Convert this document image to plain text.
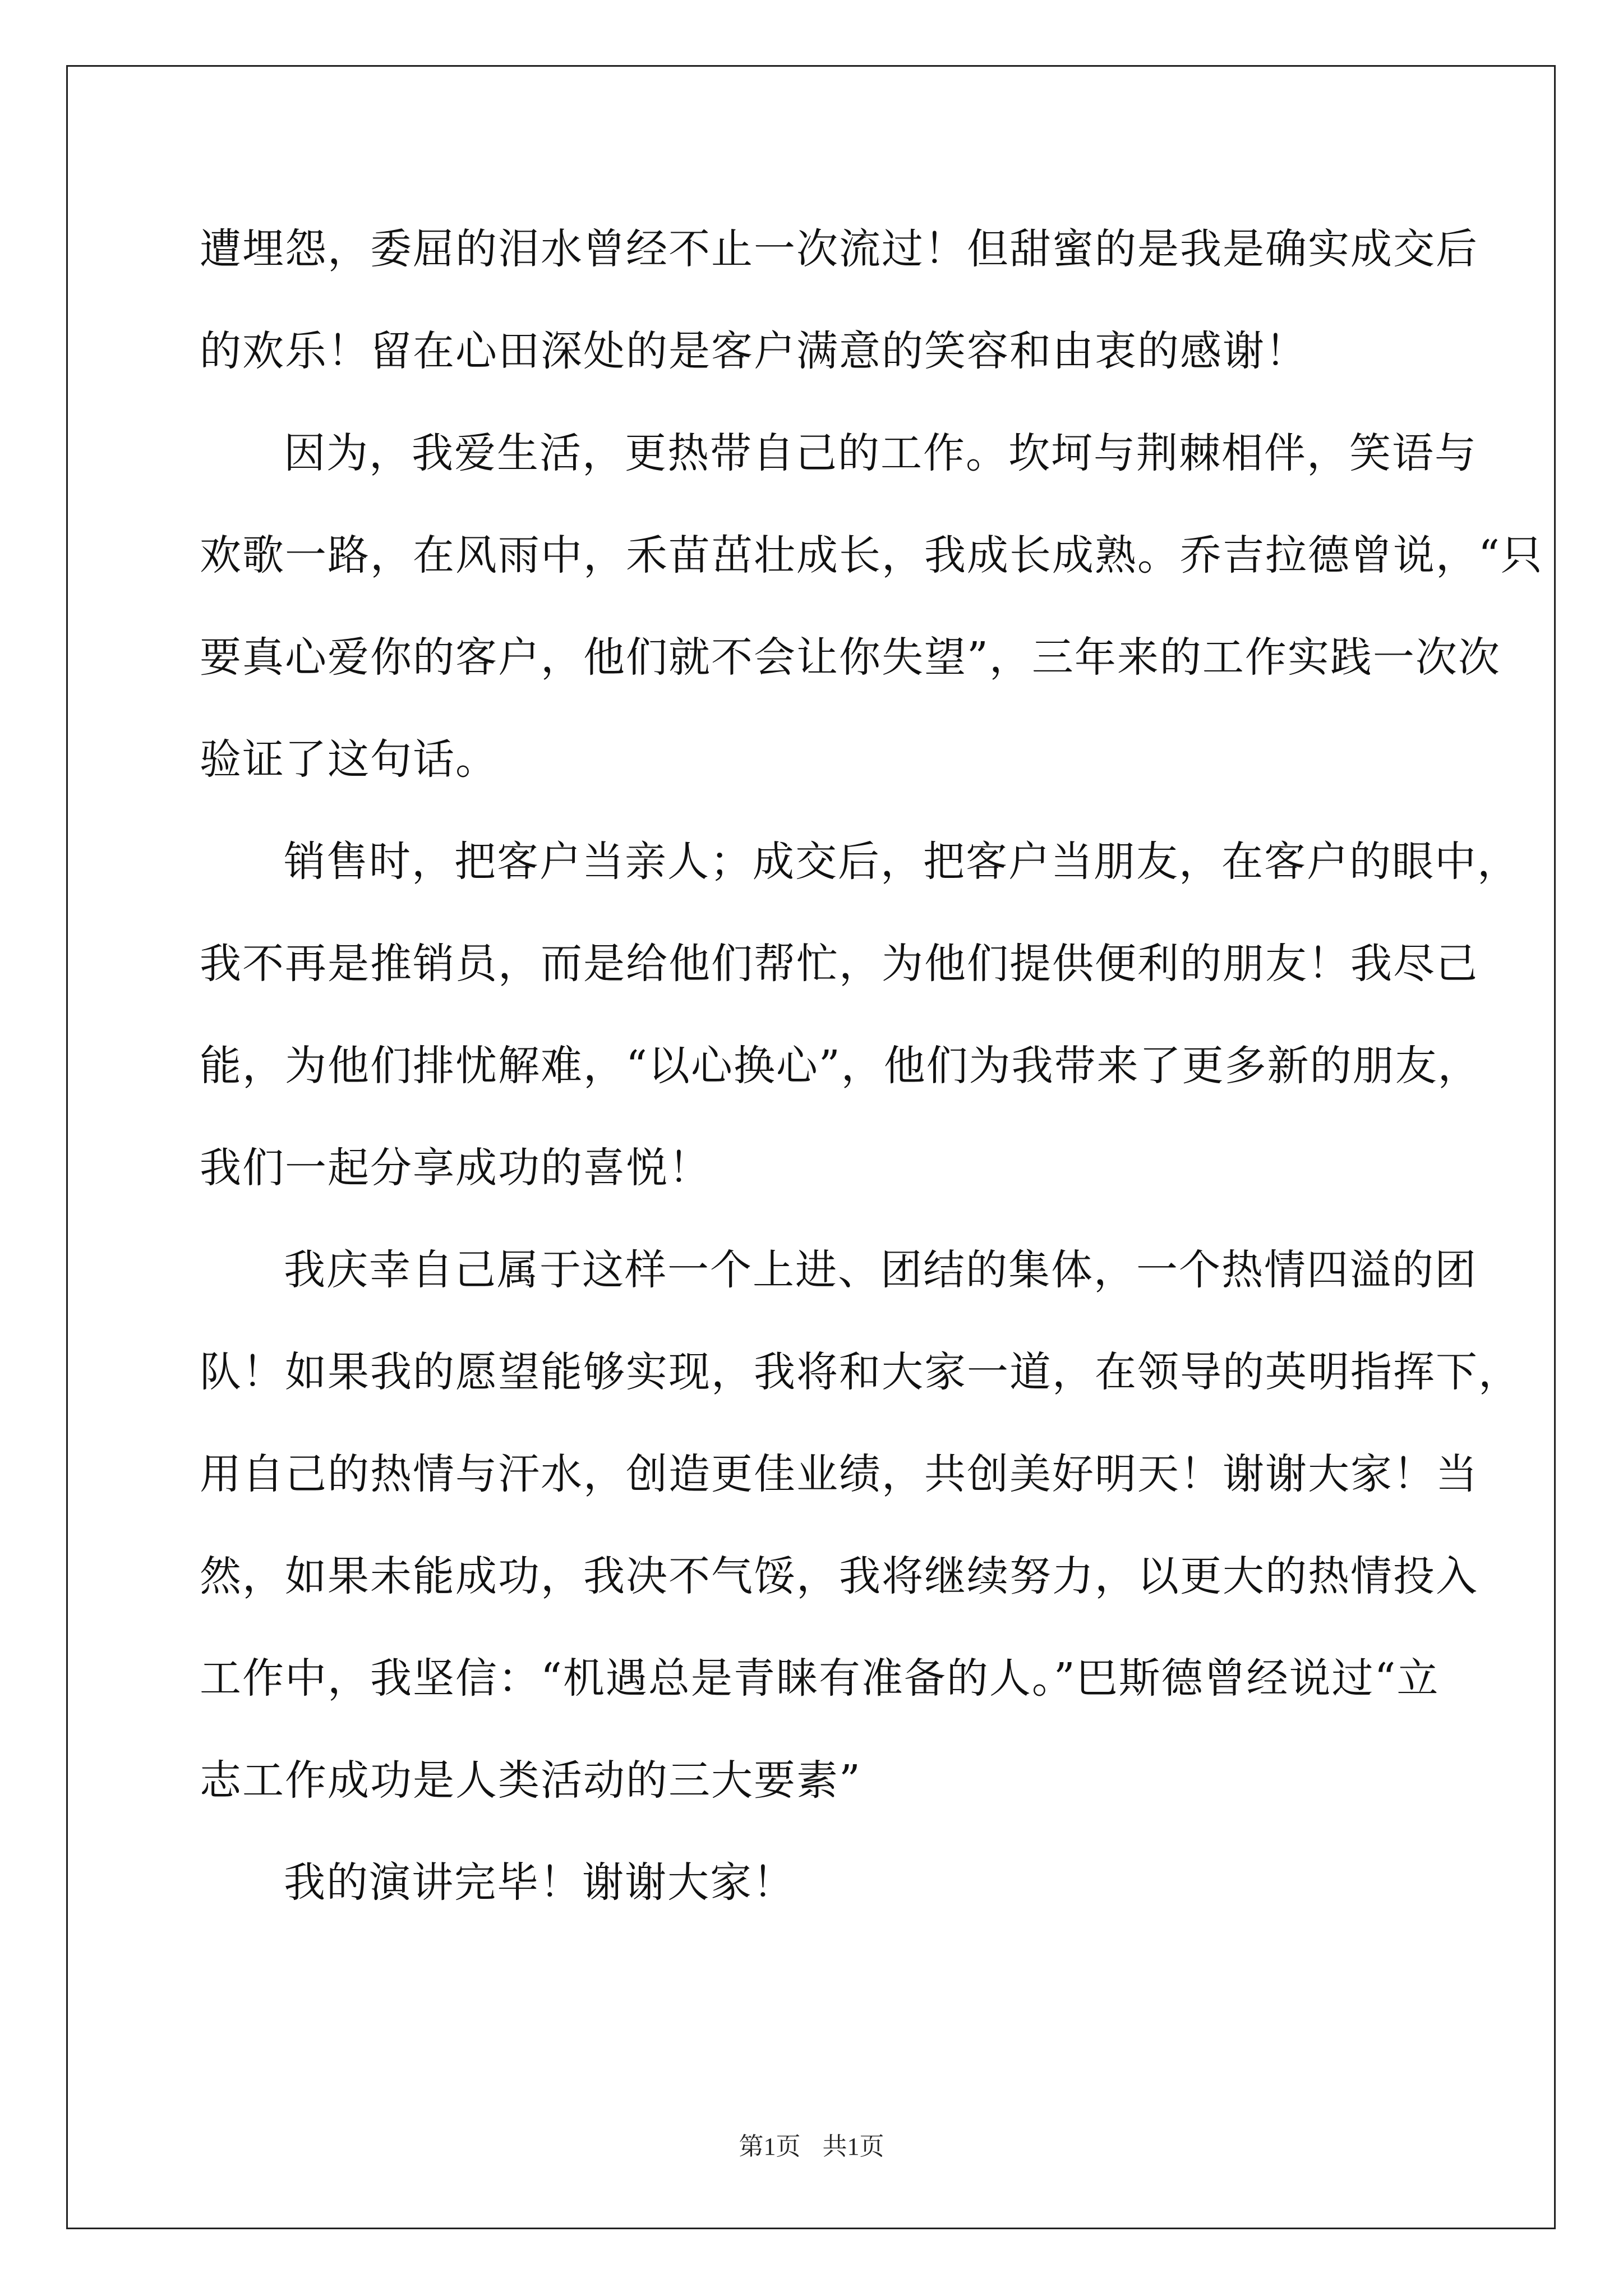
遭埋怨，委屈的泪水曾经不止一次流过！但甜蜜的是我是确实成交后
的欢乐！留在心田深处的是客户满意的笑容和由衷的感谢！
因为，我爱生活，更热带自己的工作。坎坷与荆棘相伴，笑语与
欢歌一路，在风雨中，禾苗茁壮成长，我成长成熟。乔吉拉德曾说，“只
要真心爱你的客户，他们就不会让你失望”，三年来的工作实践一次次
验证了这句话。
销售时，把客户当亲人；成交后，把客户当朋友，在客户的眼中，
我不再是推销员，而是给他们帮忙，为他们提供便利的朋友！我尽己
能，为他们排忧解难，“以心换心”，他们为我带来了更多新的朋友，
我们一起分享成功的喜悦！
我庆幸自己属于这样一个上进、团结的集体，一个热情四溢的团
队！如果我的愿望能够实现，我将和大家一道，在领导的英明指挥下，
用自己的热情与汗水，创造更佳业绩，共创美好明天！谢谢大家！当
然，如果未能成功，我决不气馁，我将继续努力，以更大的热情投入
工作中，我坚信：“机遇总是青睐有准备的人。”巴斯德曾经说过“立
志工作成功是人类活动的三大要素”
我的演讲完毕！谢谢大家！
第1页 共1页
